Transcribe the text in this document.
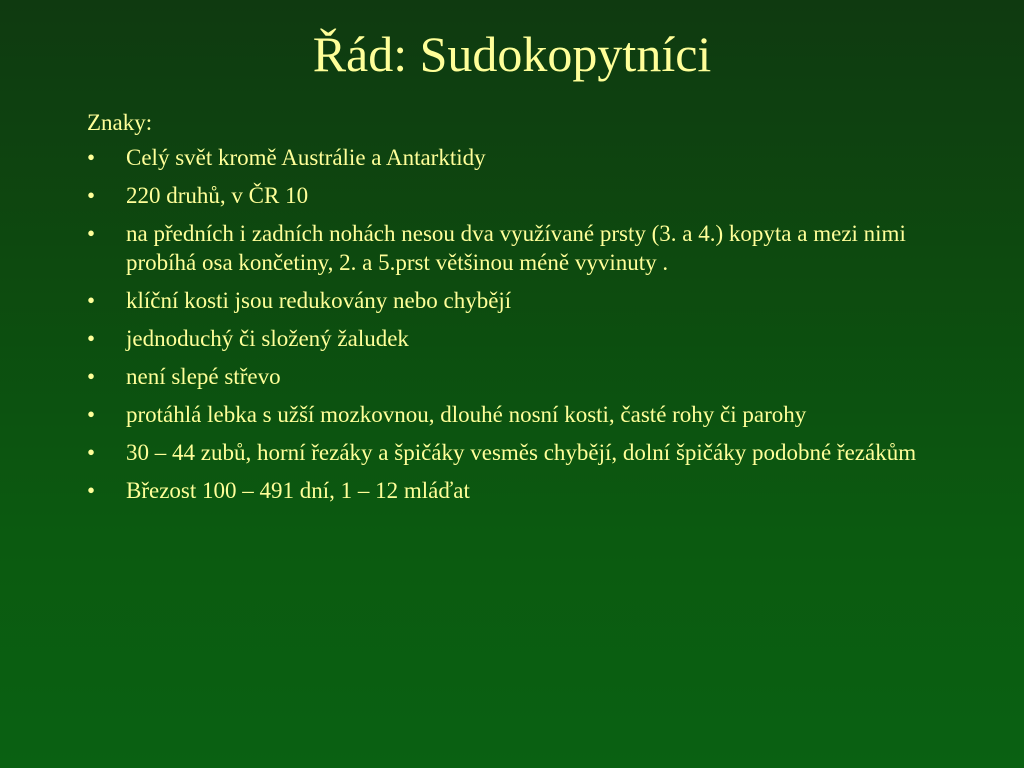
Řád: Sudokopytníci

Znaky:

• Celý svět kromě Austrálie a Antarktidy
• 220 druhů, v ČR 10
• na předních i zadních nohách nesou dva využívané prsty (3. a 4.) kopyta a mezi nimi probíhá osa končetiny, 2. a 5.prst většinou méně vyvinuty .
• klíční kosti jsou redukovány nebo chybějí
• jednoduchý či složený žaludek
• není slepé střevo
• protáhlá lebka s užší mozkovnou, dlouhé nosní kosti, časté rohy či parohy
• 30 – 44 zubů, horní řezáky a špičáky vesměs chybějí, dolní špičáky podobné řezákům
• Březost 100 – 491 dní, 1 – 12 mláďat
